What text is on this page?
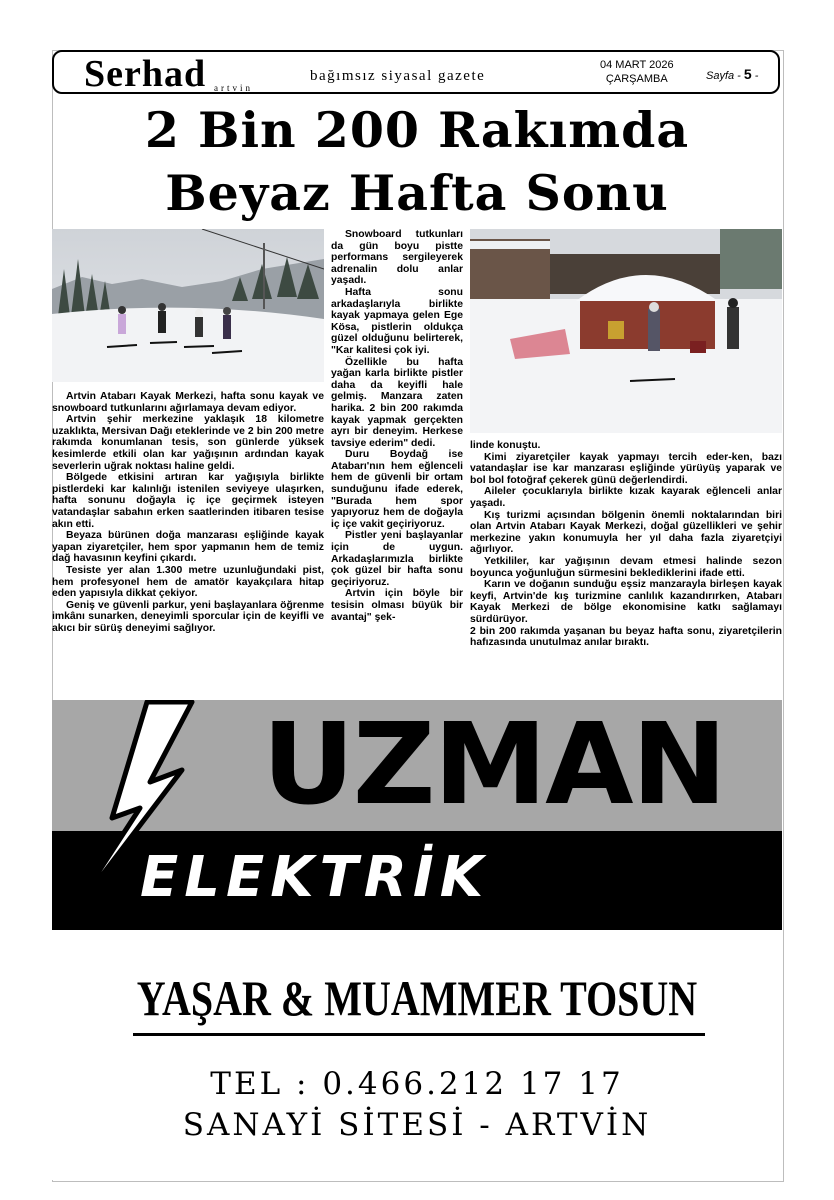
Serhad artvin
bağımsız siyasal gazete
04 MART 2026
ÇARŞAMBA	Sayfa - 5 -
2 Bin 200 Rakımda
Beyaz Hafta Sonu

Artvin Atabarı Kayak Merkezi, hafta sonu kayak ve snowboard tutkunlarını ağırlamaya devam ediyor.

Artvin şehir merkezine yaklaşık 18 kilometre uzaklıkta, Mersivan Dağı eteklerinde ve 2 bin 200 metre rakımda konumlanan tesis, son günlerde yüksek kesimlerde etkili olan kar yağışının ardından kayak severlerin uğrak noktası haline geldi.

Bölgede etkisini artıran kar yağışıyla birlikte pistlerdeki kar kalınlığı istenilen seviyeye ulaşırken, hafta sonunu doğayla iç içe geçirmek isteyen vatandaşlar sabahın erken saatlerinden itibaren tesise akın etti.

Beyaza bürünen doğa manzarası eşliğinde kayak yapan ziyaretçiler, hem spor yapmanın hem de temiz dağ havasının keyfini çıkardı.

Tesiste yer alan 1.300 metre uzunluğundaki pist, hem profesyonel hem de amatör kayakçılara hitap eden yapısıyla dikkat çekiyor.

Geniş ve güvenli parkur, yeni başlayanlara öğrenme imkânı sunarken, deneyimli sporcular için de keyifli ve akıcı bir sürüş deneyimi sağlıyor.

Snowboard tutkunları da gün boyu pistte performans sergileyerek adrenalin dolu anlar yaşadı.

Hafta sonu arkadaşlarıyla birlikte kayak yapmaya gelen Ege Kösa, pistlerin oldukça güzel olduğunu belirterek, "Kar kalitesi çok iyi.

Özellikle bu hafta yağan karla birlikte pistler daha da keyifli hale gelmiş. Manzara zaten harika. 2 bin 200 rakımda kayak yapmak gerçekten ayrı bir deneyim. Herkese tavsiye ederim" dedi.

Duru Boydağ ise Atabarı'nın hem eğlenceli hem de güvenli bir ortam sunduğunu ifade ederek, "Burada hem spor yapıyoruz hem de doğayla iç içe vakit geçiriyoruz.

Pistler yeni başlayanlar için de uygun. Arkadaşlarımızla birlikte çok güzel bir hafta sonu geçiriyoruz.

Artvin için böyle bir tesisin olması büyük bir avantaj" şek-

linde konuştu.

Kimi ziyaretçiler kayak yapmayı tercih eder-ken, bazı vatandaşlar ise kar manzarası eşliğinde yürüyüş yaparak ve bol bol fotoğraf çekerek günü değerlendirdi.

Aileler çocuklarıyla birlikte kızak kayarak eğlenceli anlar yaşadı.

Kış turizmi açısından bölgenin önemli noktalarından biri olan Artvin Atabarı Kayak Merkezi, doğal güzellikleri ve şehir merkezine yakın konumuyla her yıl daha fazla ziyaretçiyi ağırlıyor.

Yetkililer, kar yağışının devam etmesi halinde sezon boyunca yoğunluğun sürmesini beklediklerini ifade etti.

Karın ve doğanın sunduğu eşsiz manzarayla birleşen kayak keyfi, Artvin'de kış turizmine canlılık kazandırırken, Atabarı Kayak Merkezi de bölge ekonomisine katkı sağlamayı sürdürüyor.

2 bin 200 rakımda yaşanan bu beyaz hafta sonu, ziyaretçilerin hafızasında unutulmaz anılar bıraktı.

UZMAN
ELEKTRİK
YAŞAR & MUAMMER TOSUN
TEL : 0.466.212 17 17
SANAYİ SİTESİ - ARTVİN
